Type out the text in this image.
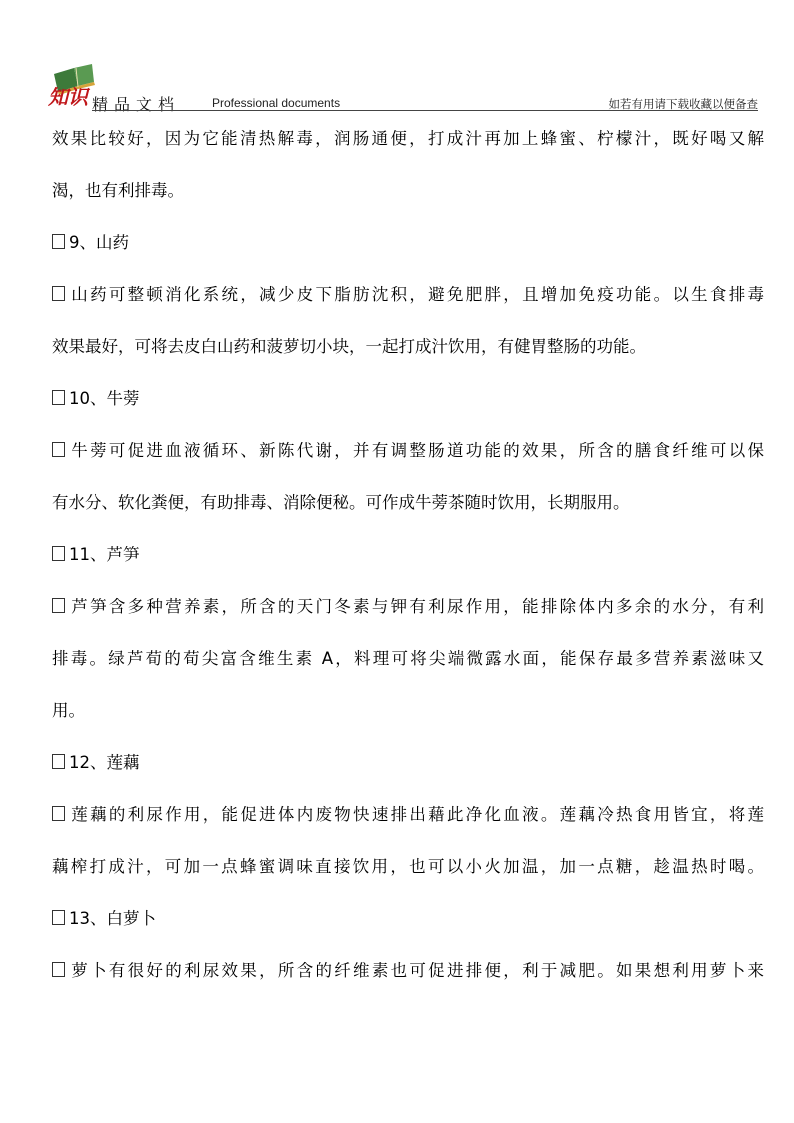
知识 精品文档	Professional documents	如若有用请下载收藏以便备查
效果比较好，因为它能清热解毒，润肠通便，打成汁再加上蜂蜜、柠檬汁，既好喝又解
渴，也有利排毒。
9、山药
山药可整顿消化系统，减少皮下脂肪沈积，避免肥胖，且增加免疫功能。以生食排毒
效果最好，可将去皮白山药和菠萝切小块，一起打成汁饮用，有健胃整肠的功能。
10、牛蒡
牛蒡可促进血液循环、新陈代谢，并有调整肠道功能的效果，所含的膳食纤维可以保
有水分、软化粪便，有助排毒、消除便秘。可作成牛蒡茶随时饮用，长期服用。
11、芦笋
芦笋含多种营养素，所含的天门冬素与钾有利尿作用，能排除体内多余的水分，有利
排毒。绿芦荀的荀尖富含维生素 A，料理可将尖端微露水面，能保存最多营养素滋味又
用。
12、莲藕
莲藕的利尿作用，能促进体内废物快速排出藉此净化血液。莲藕冷热食用皆宜，将莲
藕榨打成汁，可加一点蜂蜜调味直接饮用，也可以小火加温，加一点糖，趁温热时喝。
13、白萝卜
萝卜有很好的利尿效果，所含的纤维素也可促进排便，利于减肥。如果想利用萝卜来
